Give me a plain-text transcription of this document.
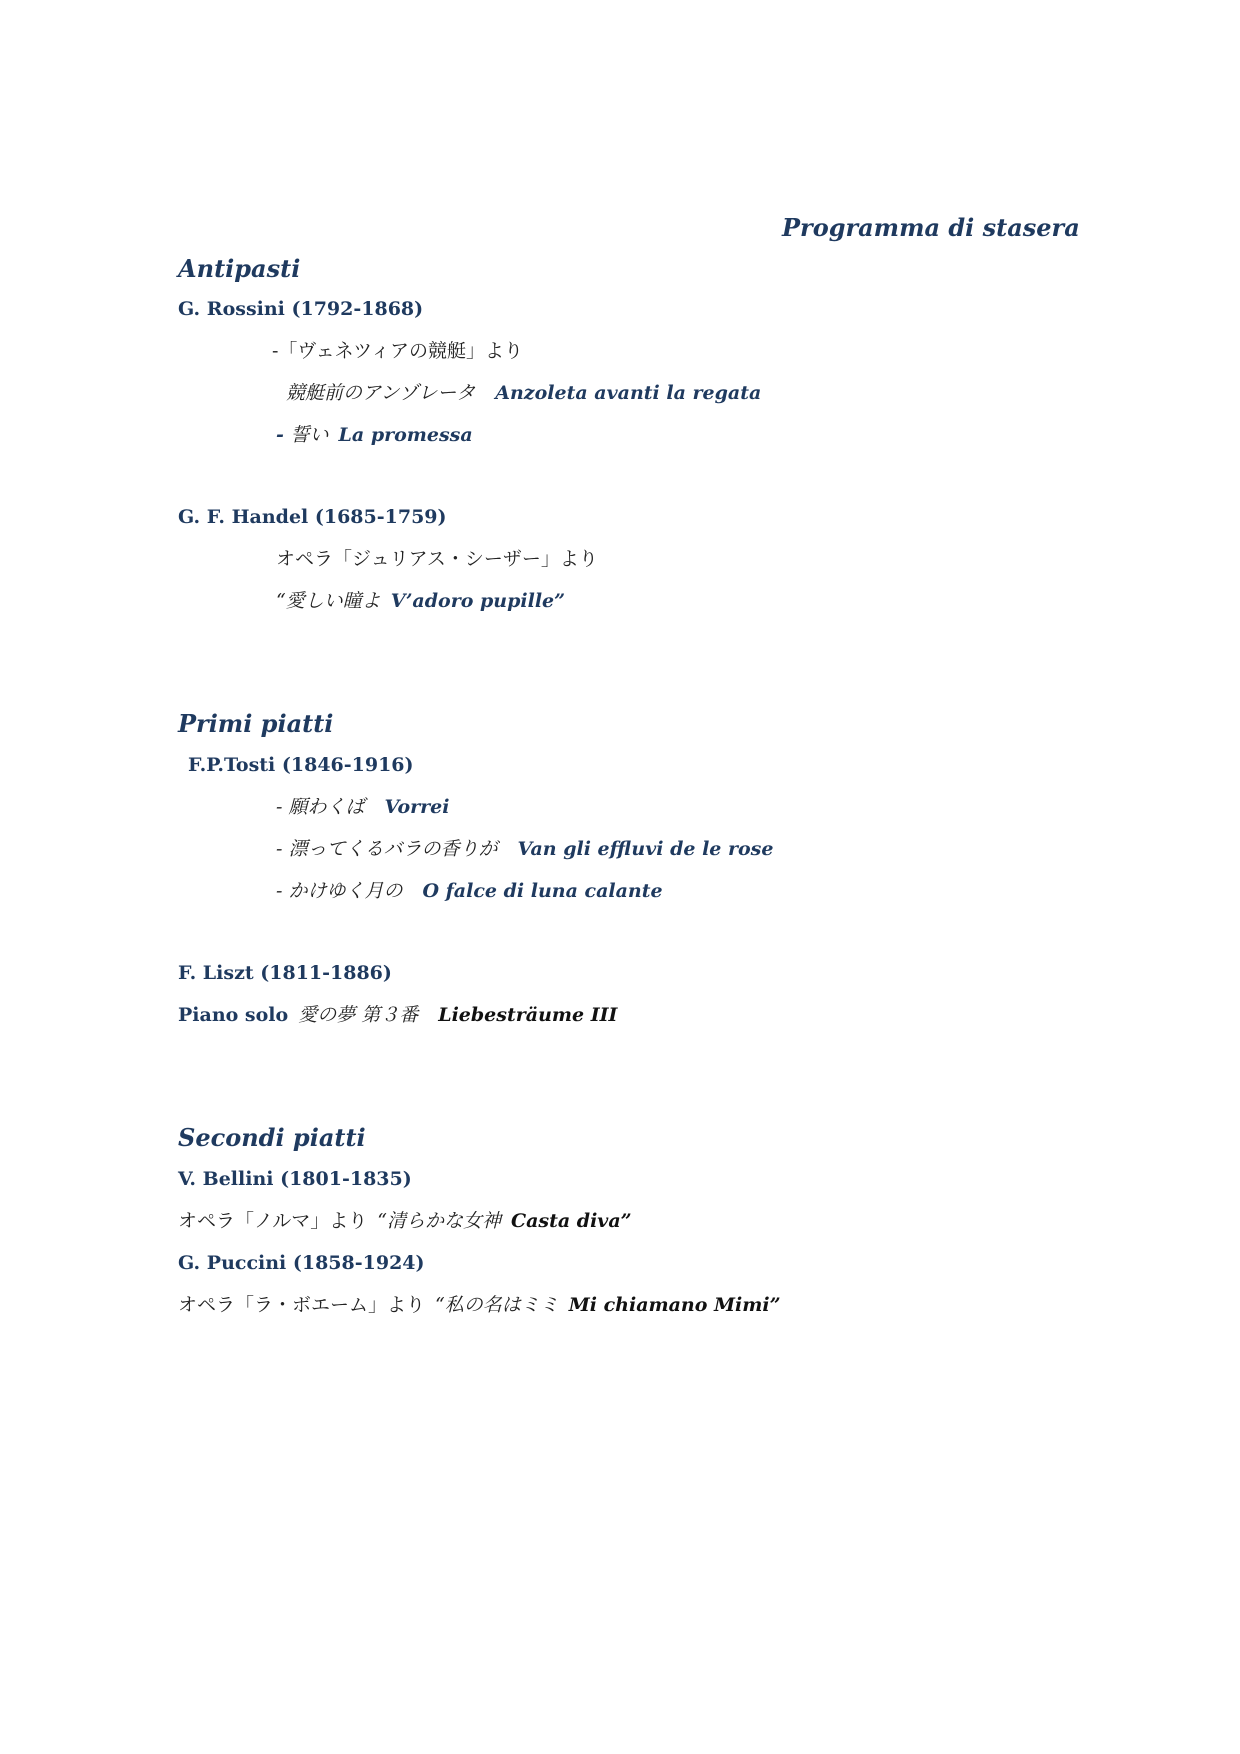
Programma di stasera
Antipasti
G. Rossini (1792-1868)
-「ヴェネツィアの競艇」より
競艇前のアンゾレータ Anzoleta avanti la regata
- 誓い La promessa
G. F. Handel (1685-1759)
オペラ「ジュリアス・シーザー」より
“愛しい瞳よ V’adoro pupille”
Primi piatti
F.P.Tosti (1846-1916)
- 願わくば Vorrei
- 漂ってくるバラの香りが Van gli effluvi de le rose
- かけゆく月の O falce di luna calante
F. Liszt (1811-1886)
Piano solo 愛の夢 第３番 Liebesträume III
Secondi piatti
V. Bellini (1801-1835)
オペラ「ノルマ」より “清らかな女神 Casta diva”
G. Puccini (1858-1924)
オペラ「ラ・ボエーム」より “私の名はミミ Mi chiamano Mimi”
